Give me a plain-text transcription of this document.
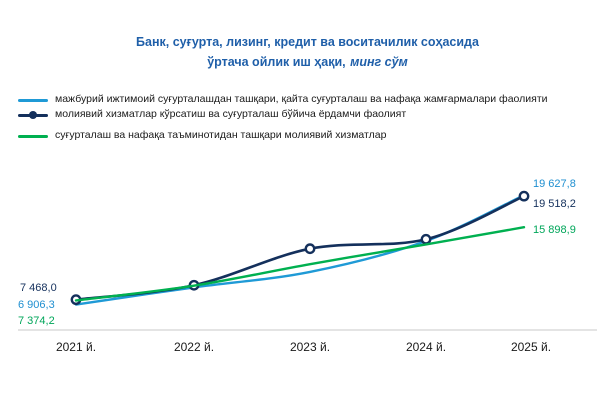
Банк, суғурта, лизинг, кредит ва воситачилик соҳасида
ўртача ойлик иш ҳақи, минг сўм
мажбурий ижтимоий суғурталашдан ташқари, қайта суғурталаш ва нафақа жамғармалари фаолияти
молиявий хизматлар кўрсатиш ва суғурталаш бўйича ёрдамчи фаолият
суғурталаш ва нафақа таъминотидан ташқари молиявий хизматлар
2021 й.	2022 й.	2023 й.	2024 й.	2025 й.
7 468,0
6 906,3
7 374,2
19 627,8
19 518,2
15 898,9
